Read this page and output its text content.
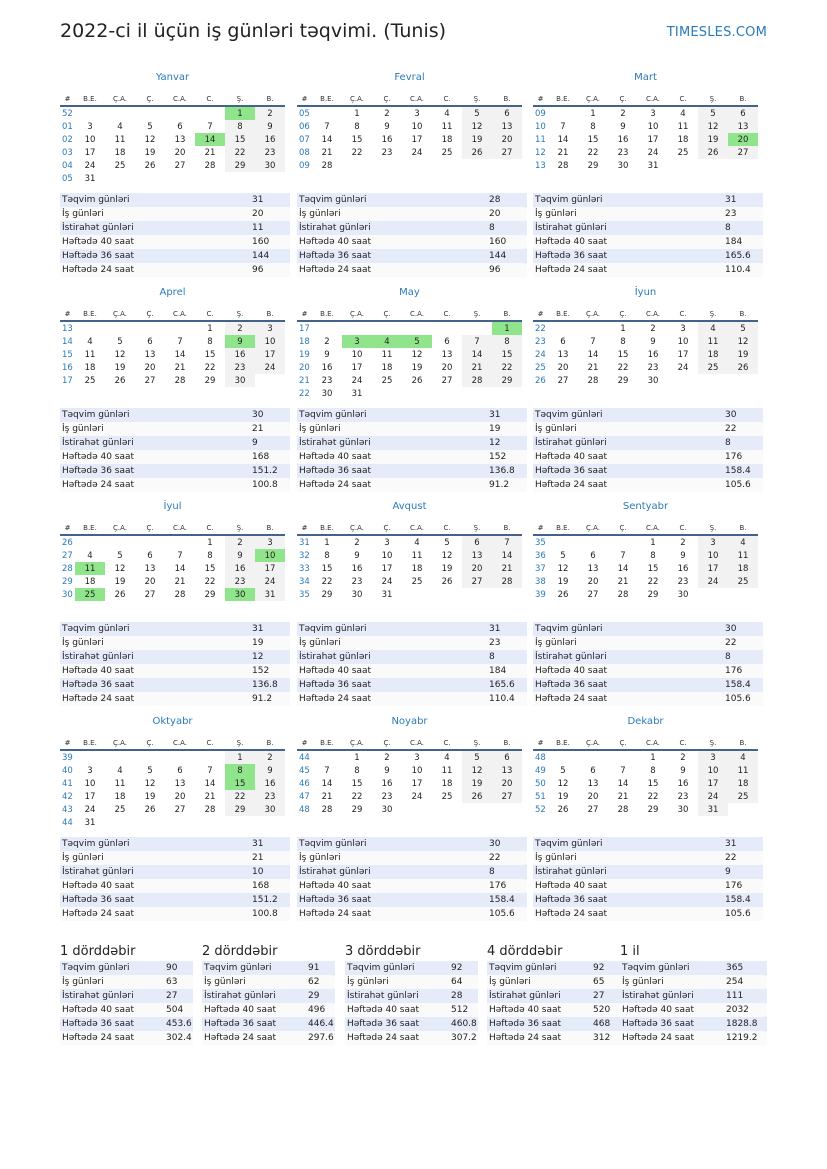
2022-ci il üçün iş günləri təqvimi. (Tunis)	TIMESLES.COM
Yanvar
#	B.E.	Ç.A.	Ç.	C.A.	C.	Ş.	B.
52						1	2
01	3	4	5	6	7	8	9
02	10	11	12	13	14	15	16
03	17	18	19	20	21	22	23
04	24	25	26	27	28	29	30
05	31						
Təqvim günləri	31
İş günləri	20
İstirahət günləri	11
Həftədə 40 saat	160
Həftədə 36 saat	144
Həftədə 24 saat	96
Fevral
#	B.E.	Ç.A.	Ç.	C.A.	C.	Ş.	B.
05		1	2	3	4	5	6
06	7	8	9	10	11	12	13
07	14	15	16	17	18	19	20
08	21	22	23	24	25	26	27
09	28						
Təqvim günləri	28
İş günləri	20
İstirahət günləri	8
Həftədə 40 saat	160
Həftədə 36 saat	144
Həftədə 24 saat	96
Mart
#	B.E.	Ç.A.	Ç.	C.A.	C.	Ş.	B.
09		1	2	3	4	5	6
10	7	8	9	10	11	12	13
11	14	15	16	17	18	19	20
12	21	22	23	24	25	26	27
13	28	29	30	31			
Təqvim günləri	31
İş günləri	23
İstirahət günləri	8
Həftədə 40 saat	184
Həftədə 36 saat	165.6
Həftədə 24 saat	110.4
Aprel
#	B.E.	Ç.A.	Ç.	C.A.	C.	Ş.	B.
13					1	2	3
14	4	5	6	7	8	9	10
15	11	12	13	14	15	16	17
16	18	19	20	21	22	23	24
17	25	26	27	28	29	30	
Təqvim günləri	30
İş günləri	21
İstirahət günləri	9
Həftədə 40 saat	168
Həftədə 36 saat	151.2
Həftədə 24 saat	100.8
May
#	B.E.	Ç.A.	Ç.	C.A.	C.	Ş.	B.
17							1
18	2	3	4	5	6	7	8
19	9	10	11	12	13	14	15
20	16	17	18	19	20	21	22
21	23	24	25	26	27	28	29
22	30	31					
Təqvim günləri	31
İş günləri	19
İstirahət günləri	12
Həftədə 40 saat	152
Həftədə 36 saat	136.8
Həftədə 24 saat	91.2
İyun
#	B.E.	Ç.A.	Ç.	C.A.	C.	Ş.	B.
22			1	2	3	4	5
23	6	7	8	9	10	11	12
24	13	14	15	16	17	18	19
25	20	21	22	23	24	25	26
26	27	28	29	30			
Təqvim günləri	30
İş günləri	22
İstirahət günləri	8
Həftədə 40 saat	176
Həftədə 36 saat	158.4
Həftədə 24 saat	105.6
İyul
#	B.E.	Ç.A.	Ç.	C.A.	C.	Ş.	B.
26					1	2	3
27	4	5	6	7	8	9	10
28	11	12	13	14	15	16	17
29	18	19	20	21	22	23	24
30	25	26	27	28	29	30	31
Təqvim günləri	31
İş günləri	19
İstirahət günləri	12
Həftədə 40 saat	152
Həftədə 36 saat	136.8
Həftədə 24 saat	91.2
Avqust
#	B.E.	Ç.A.	Ç.	C.A.	C.	Ş.	B.
31	1	2	3	4	5	6	7
32	8	9	10	11	12	13	14
33	15	16	17	18	19	20	21
34	22	23	24	25	26	27	28
35	29	30	31				
Təqvim günləri	31
İş günləri	23
İstirahət günləri	8
Həftədə 40 saat	184
Həftədə 36 saat	165.6
Həftədə 24 saat	110.4
Sentyabr
#	B.E.	Ç.A.	Ç.	C.A.	C.	Ş.	B.
35				1	2	3	4
36	5	6	7	8	9	10	11
37	12	13	14	15	16	17	18
38	19	20	21	22	23	24	25
39	26	27	28	29	30		
Təqvim günləri	30
İş günləri	22
İstirahət günləri	8
Həftədə 40 saat	176
Həftədə 36 saat	158.4
Həftədə 24 saat	105.6
Oktyabr
#	B.E.	Ç.A.	Ç.	C.A.	C.	Ş.	B.
39						1	2
40	3	4	5	6	7	8	9
41	10	11	12	13	14	15	16
42	17	18	19	20	21	22	23
43	24	25	26	27	28	29	30
44	31						
Təqvim günləri	31
İş günləri	21
İstirahət günləri	10
Həftədə 40 saat	168
Həftədə 36 saat	151.2
Həftədə 24 saat	100.8
Noyabr
#	B.E.	Ç.A.	Ç.	C.A.	C.	Ş.	B.
44		1	2	3	4	5	6
45	7	8	9	10	11	12	13
46	14	15	16	17	18	19	20
47	21	22	23	24	25	26	27
48	28	29	30				
Təqvim günləri	30
İş günləri	22
İstirahət günləri	8
Həftədə 40 saat	176
Həftədə 36 saat	158.4
Həftədə 24 saat	105.6
Dekabr
#	B.E.	Ç.A.	Ç.	C.A.	C.	Ş.	B.
48				1	2	3	4
49	5	6	7	8	9	10	11
50	12	13	14	15	16	17	18
51	19	20	21	22	23	24	25
52	26	27	28	29	30	31	
Təqvim günləri	31
İş günləri	22
İstirahət günləri	9
Həftədə 40 saat	176
Həftədə 36 saat	158.4
Həftədə 24 saat	105.6
1 dörddəbir
Təqvim günləri	90
İş günləri	63
İstirahət günləri	27
Həftədə 40 saat	504
Həftədə 36 saat	453.6
Həftədə 24 saat	302.4
2 dörddəbir
Təqvim günləri	91
İş günləri	62
İstirahət günləri	29
Həftədə 40 saat	496
Həftədə 36 saat	446.4
Həftədə 24 saat	297.6
3 dörddəbir
Təqvim günləri	92
İş günləri	64
İstirahət günləri	28
Həftədə 40 saat	512
Həftədə 36 saat	460.8
Həftədə 24 saat	307.2
4 dörddəbir
Təqvim günləri	92
İş günləri	65
İstirahət günləri	27
Həftədə 40 saat	520
Həftədə 36 saat	468
Həftədə 24 saat	312
1 il
Təqvim günləri	365
İş günləri	254
İstirahət günləri	111
Həftədə 40 saat	2032
Həftədə 36 saat	1828.8
Həftədə 24 saat	1219.2
